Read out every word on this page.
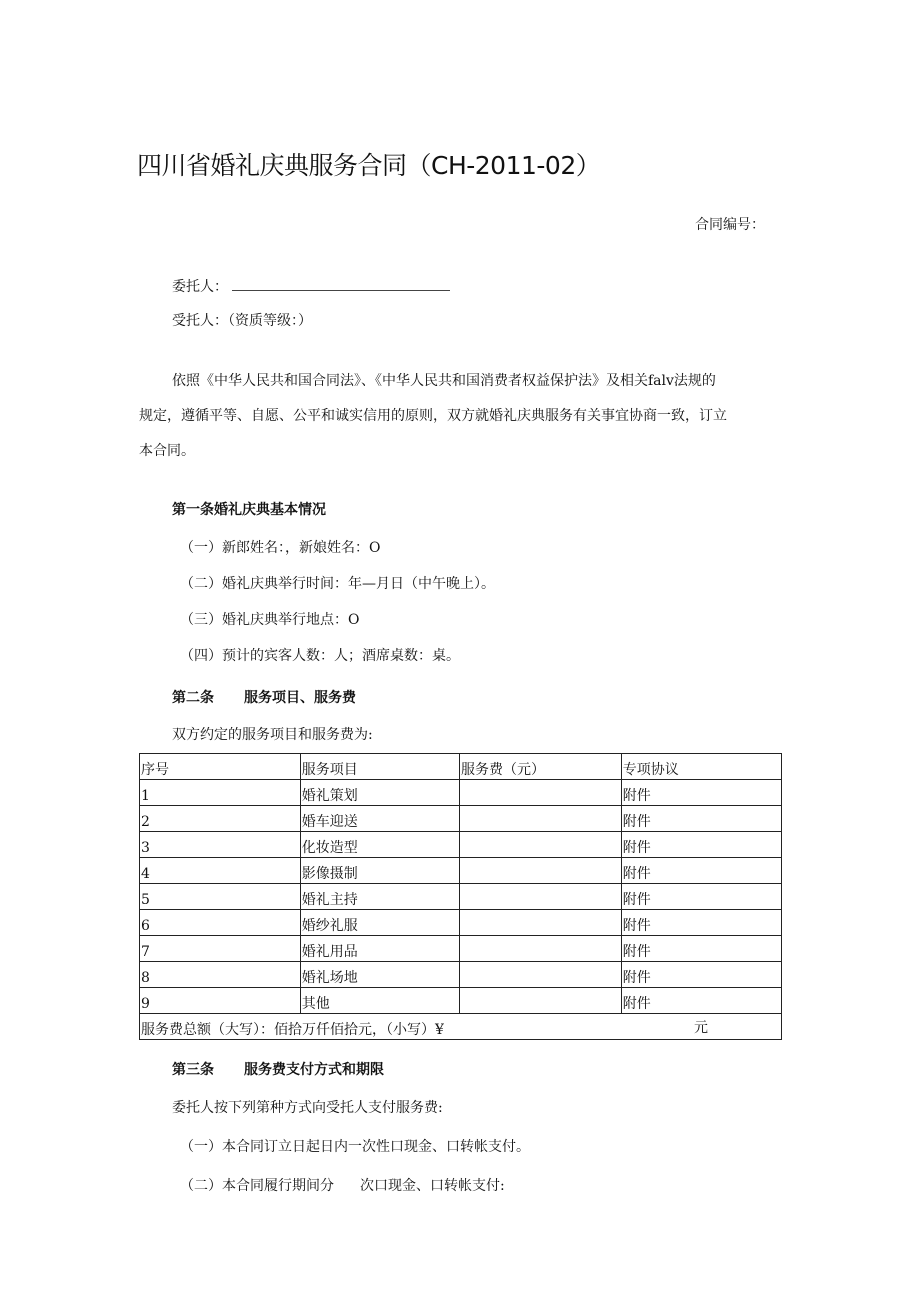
四川省婚礼庆典服务合同（CH-2011-02）
合同编号：
委托人：
受托人：（资质等级：）
依照《中华人民共和国合同法》、《中华人民共和国消费者权益保护法》及相关falv法规的
规定，遵循平等、自愿、公平和诚实信用的原则，双方就婚礼庆典服务有关事宜协商一致，订立
本合同。
第一条婚礼庆典基本情况
（一）新郎姓名：，新娘姓名：O
（二）婚礼庆典举行时间：年—月日（中午晚上）。
（三）婚礼庆典举行地点：O
（四）预计的宾客人数：人；酒席桌数：桌。
第二条 服务项目、服务费
双方约定的服务项目和服务费为:
序号	服务项目	服务费（元）	专项协议
1	婚礼策划		附件
2	婚车迎送		附件
3	化妆造型		附件
4	影像摄制		附件
5	婚礼主持		附件
6	婚纱礼服		附件
7	婚礼用品		附件
8	婚礼场地		附件
9	其他		附件
服务费总额（大写）：佰拾万仟佰拾元，（小写）¥ 元			
第三条 服务费支付方式和期限
委托人按下列第种方式向受托人支付服务费:
（一）本合同订立日起日内一次性口现金、口转帐支付。
（二）本合同履行期间分 次口现金、口转帐支付:
